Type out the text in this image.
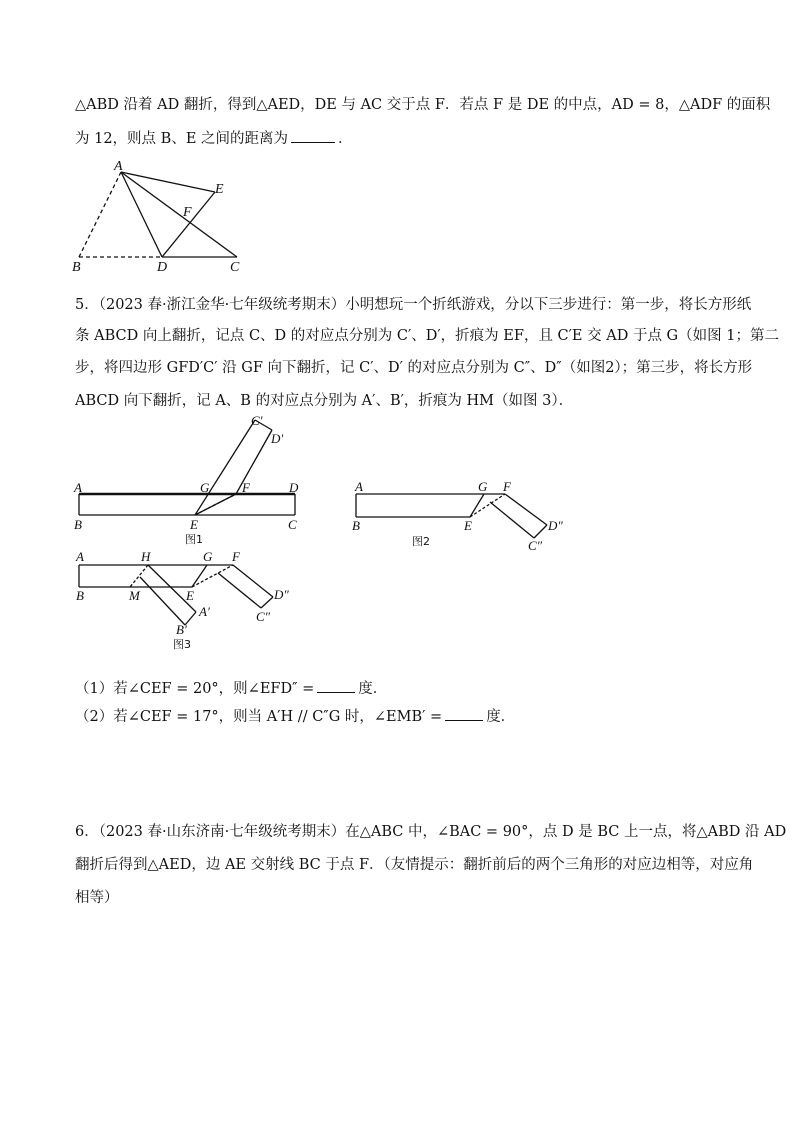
△ABD 沿着 AD 翻折，得到△AED，DE 与 AC 交于点 F．若点 F 是 DE 的中点，AD = 8，△ADF 的面积
为 12，则点 B、E 之间的距离为	．
A
E
F
B	D	C
5．（2023 春·浙江金华·七年级统考期末）小明想玩一个折纸游戏，分以下三步进行：第一步，将长方形纸
条 ABCD 向上翻折，记点 C、D 的对应点分别为 C′、D′，折痕为 EF，且 C′E 交 AD 于点 G（如图 1；第二
步，将四边形 GFD′C′ 沿 GF 向下翻折，记 C′、D′ 的对应点分别为 C″、D″（如图2）；第三步，将长方形
ABCD 向下翻折，记 A、B 的对应点分别为 A′、B′，折痕为 HM（如图 3）．
C′
D′
A	G	F	D
B	E	C
图1
A	G F
B	E	D″
C″
图2
A	H	G F
B	M	E
A′
B′
D″
C″
图3
（1）若∠CEF = 20°，则∠EFD″ =	度．
（2）若∠CEF = 17°，则当 A′H // C″G 时，∠EMB′ =	度．
6．（2023 春·山东济南·七年级统考期末）在△ABC 中，∠BAC = 90°，点 D 是 BC 上一点，将△ABD 沿 AD
翻折后得到△AED，边 AE 交射线 BC 于点 F．（友情提示：翻折前后的两个三角形的对应边相等，对应角
相等）
